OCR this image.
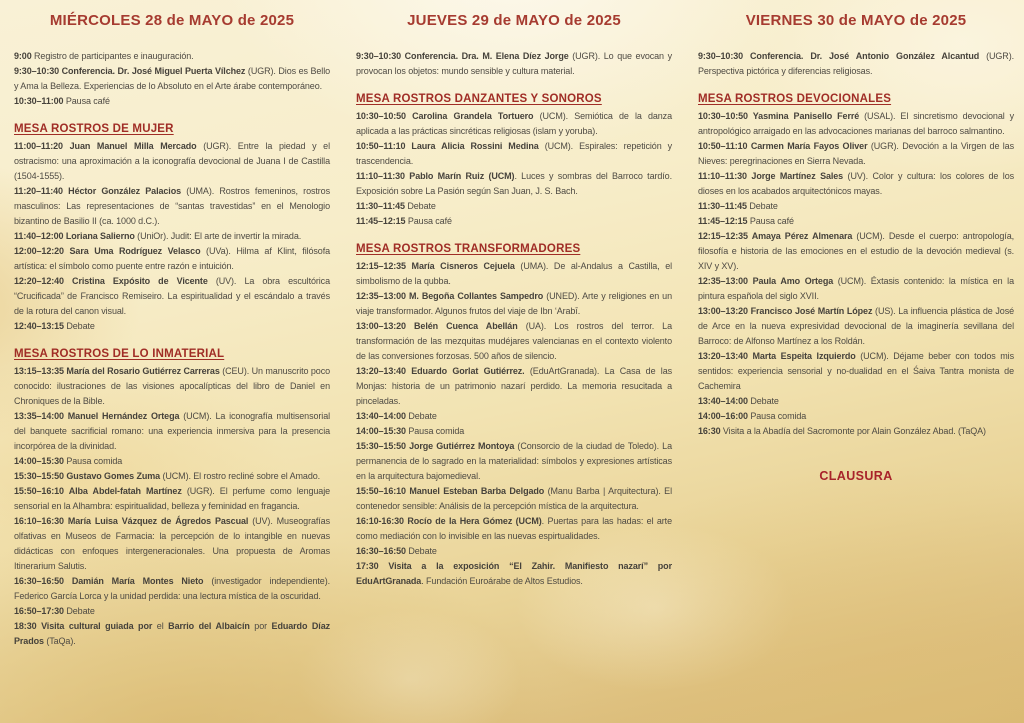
MIÉRCOLES 28 de MAYO de 2025

9:00 Registro de participantes e inauguración.

9:30–10:30 Conferencia. Dr. José Miguel Puerta Vílchez (UGR). Dios es Bello y Ama la Belleza. Experiencias de lo Absoluto en el Arte árabe contemporáneo.

10:30–11:00 Pausa café

MESA ROSTROS DE MUJER

11:00–11:20 Juan Manuel Milla Mercado (UGR). Entre la piedad y el ostracismo: una aproximación a la iconografía devocional de Juana I de Castilla (1504-1555).

11:20–11:40 Héctor González Palacios (UMA). Rostros femeninos, rostros masculinos: Las representaciones de “santas travestidas” en el Menologio bizantino de Basilio II (ca. 1000 d.C.).

11:40–12:00 Loriana Salierno (UniOr). Judit: El arte de invertir la mirada.

12:00–12:20 Sara Uma Rodríguez Velasco (UVa). Hilma af Klint, filósofa artística: el símbolo como puente entre razón e intuición.

12:20–12:40 Cristina Expósito de Vicente (UV). La obra escultórica “Crucificada” de Francisco Remiseiro. La espiritualidad y el escándalo a través de la rotura del canon visual.

12:40–13:15 Debate

MESA ROSTROS DE LO INMATERIAL

13:15–13:35 María del Rosario Gutiérrez Carreras (CEU). Un manuscrito poco conocido: ilustraciones de las visiones apocalípticas del libro de Daniel en Chroniques de la Bible.

13:35–14:00 Manuel Hernández Ortega (UCM). La iconografía multisensorial del banquete sacrificial romano: una experiencia inmersiva para la presencia incorpórea de la divinidad.

14:00–15:30 Pausa comida

15:30–15:50 Gustavo Gomes Zuma (UCM). El rostro recliné sobre el Amado.

15:50–16:10 Alba Abdel-fatah Martínez (UGR). El perfume como lenguaje sensorial en la Alhambra: espiritualidad, belleza y feminidad en fragancia.

16:10–16:30 María Luisa Vázquez de Ágredos Pascual (UV). Museografías olfativas en Museos de Farmacia: la percepción de lo intangible en nuevas didácticas con enfoques intergeneracionales. Una propuesta de Aromas Itinerarium Salutis.

16:30–16:50 Damián María Montes Nieto (investigador independiente). Federico García Lorca y la unidad perdida: una lectura mística de la oscuridad.

16:50–17:30 Debate

18:30 Visita cultural guiada por el Barrio del Albaicín por Eduardo Díaz Prados (TaQa).

JUEVES 29 de MAYO de 2025

9:30–10:30 Conferencia. Dra. M. Elena Díez Jorge (UGR). Lo que evocan y provocan los objetos: mundo sensible y cultura material.

MESA ROSTROS DANZANTES Y SONOROS

10:30–10:50 Carolina Grandela Tortuero (UCM). Semiótica de la danza aplicada a las prácticas sincréticas religiosas (islam y yoruba).

10:50–11:10 Laura Alicia Rossini Medina (UCM). Espirales: repetición y trascendencia.

11:10–11:30 Pablo Marín Ruiz (UCM). Luces y sombras del Barroco tardío. Exposición sobre La Pasión según San Juan, J. S. Bach.

11:30–11:45 Debate

11:45–12:15 Pausa café

MESA ROSTROS TRANSFORMADORES

12:15–12:35 María Cisneros Cejuela (UMA). De al-Andalus a Castilla, el simbolismo de la qubba.

12:35–13:00 M. Begoña Collantes Sampedro (UNED). Arte y religiones en un viaje transformador. Algunos frutos del viaje de Ibn ‘Arabī.

13:00–13:20 Belén Cuenca Abellán (UA). Los rostros del terror. La transformación de las mezquitas mudéjares valencianas en el contexto violento de las conversiones forzosas. 500 años de silencio.

13:20–13:40 Eduardo Gorlat Gutiérrez. (EduArtGranada). La Casa de las Monjas: historia de un patrimonio nazarí perdido. La memoria resucitada a pinceladas.

13:40–14:00 Debate

14:00–15:30 Pausa comida

15:30–15:50 Jorge Gutiérrez Montoya (Consorcio de la ciudad de Toledo). La permanencia de lo sagrado en la materialidad: símbolos y expresiones artísticas en la arquitectura bajomedieval.

15:50–16:10 Manuel Esteban Barba Delgado (Manu Barba | Arquitectura). El contenedor sensible: Análisis de la percepción mística de la arquitectura.

16:10-16:30 Rocío de la Hera Gómez (UCM). Puertas para las hadas: el arte como mediación con lo invisible en las nuevas espirtualidades.

16:30–16:50 Debate

17:30 Visita a la exposición “El Zahir. Manifiesto nazarí” por EduArtGranada. Fundación Euroárabe de Altos Estudios.

VIERNES 30 de MAYO de 2025

9:30–10:30 Conferencia. Dr. José Antonio González Alcantud (UGR). Perspectiva pictórica y diferencias religiosas.

MESA ROSTROS DEVOCIONALES

10:30–10:50 Yasmina Panisello Ferré (USAL). El sincretismo devocional y antropológico arraigado en las advocaciones marianas del barroco salmantino.

10:50–11:10 Carmen María Fayos Oliver (UGR). Devoción a la Virgen de las Nieves: peregrinaciones en Sierra Nevada.

11:10–11:30 Jorge Martínez Sales (UV). Color y cultura: los colores de los dioses en los acabados arquitectónicos mayas.

11:30–11:45 Debate

11:45–12:15 Pausa café

12:15–12:35 Amaya Pérez Almenara (UCM). Desde el cuerpo: antropología, filosofía e historia de las emociones en el estudio de la devoción medieval (s. XIV y XV).

12:35–13:00 Paula Amo Ortega (UCM). Éxtasis contenido: la mística en la pintura española del siglo XVII.

13:00–13:20 Francisco José Martín López (US). La influencia plástica de José de Arce en la nueva expresividad devocional de la imaginería sevillana del Barroco: de Alfonso Martínez a los Roldán.

13:20–13:40 Marta Espeita Izquierdo (UCM). Déjame beber con todos mis sentidos: experiencia sensorial y no-dualidad en el Śaiva Tantra monista de Cachemira

13:40–14:00 Debate

14:00–16:00 Pausa comida

16:30 Visita a la Abadía del Sacromonte por Alain González Abad. (TaQA)

CLAUSURA
